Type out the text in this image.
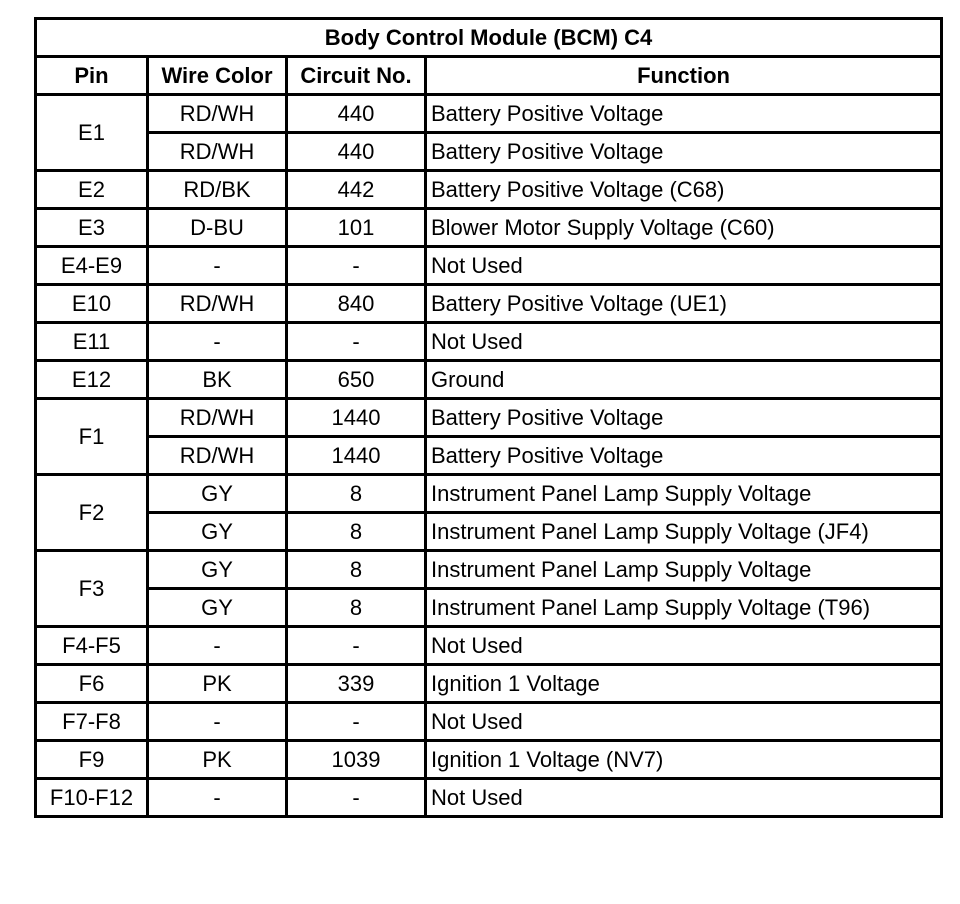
Body Control Module (BCM) C4			
Pin	Wire Color	Circuit No.	Function
E1	RD/WH	440	Battery Positive Voltage
	RD/WH	440	Battery Positive Voltage
E2	RD/BK	442	Battery Positive Voltage (C68)
E3	D-BU	101	Blower Motor Supply Voltage (C60)
E4-E9	-	-	Not Used
E10	RD/WH	840	Battery Positive Voltage (UE1)
E11	-	-	Not Used
E12	BK	650	Ground
F1	RD/WH	1440	Battery Positive Voltage
	RD/WH	1440	Battery Positive Voltage
F2	GY	8	Instrument Panel Lamp Supply Voltage
	GY	8	Instrument Panel Lamp Supply Voltage (JF4)
F3	GY	8	Instrument Panel Lamp Supply Voltage
	GY	8	Instrument Panel Lamp Supply Voltage (T96)
F4-F5	-	-	Not Used
F6	PK	339	Ignition 1 Voltage
F7-F8	-	-	Not Used
F9	PK	1039	Ignition 1 Voltage (NV7)
F10-F12	-	-	Not Used
